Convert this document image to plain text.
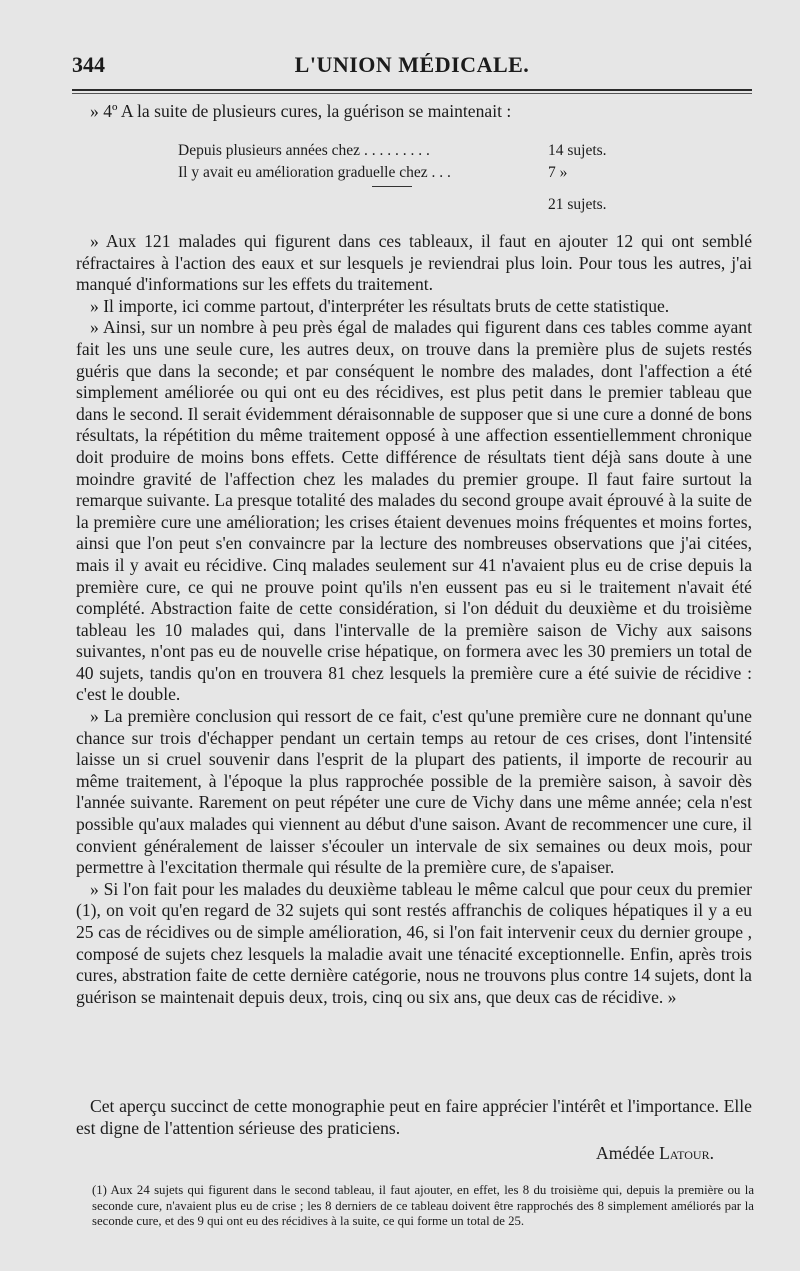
344	L'UNION MÉDICALE.

» 4º A la suite de plusieurs cures, la guérison se maintenait :

Depuis plusieurs années chez . . . . . . . . .	14 sujets.
Il y avait eu amélioration graduelle chez . . .	7 »
21 sujets.

» Aux 121 malades qui figurent dans ces tableaux, il faut en ajouter 12 qui ont semblé réfractaires à l'action des eaux et sur lesquels je reviendrai plus loin. Pour tous les autres, j'ai manqué d'informations sur les effets du traitement.

» Il importe, ici comme partout, d'interpréter les résultats bruts de cette statistique.

» Ainsi, sur un nombre à peu près égal de malades qui figurent dans ces tables comme ayant fait les uns une seule cure, les autres deux, on trouve dans la première plus de sujets restés guéris que dans la seconde; et par conséquent le nombre des malades, dont l'affection a été simplement améliorée ou qui ont eu des récidives, est plus petit dans le premier tableau que dans le second. Il serait évidemment déraisonnable de supposer que si une cure a donné de bons résultats, la répétition du même traitement opposé à une affection essentiellemment chronique doit produire de moins bons effets. Cette différence de résultats tient déjà sans doute à une moindre gravité de l'affection chez les malades du premier groupe. Il faut faire surtout la remarque suivante. La presque totalité des malades du second groupe avait éprouvé à la suite de la première cure une amélioration; les crises étaient devenues moins fréquentes et moins fortes, ainsi que l'on peut s'en convaincre par la lecture des nombreuses observations que j'ai citées, mais il y avait eu récidive. Cinq malades seulement sur 41 n'avaient plus eu de crise depuis la première cure, ce qui ne prouve point qu'ils n'en eussent pas eu si le traitement n'avait été complété. Abstraction faite de cette considération, si l'on déduit du deuxième et du troisième tableau les 10 malades qui, dans l'intervalle de la première saison de Vichy aux saisons suivantes, n'ont pas eu de nouvelle crise hépatique, on formera avec les 30 premiers un total de 40 sujets, tandis qu'on en trouvera 81 chez lesquels la première cure a été suivie de récidive : c'est le double.

» La première conclusion qui ressort de ce fait, c'est qu'une première cure ne donnant qu'une chance sur trois d'échapper pendant un certain temps au retour de ces crises, dont l'intensité laisse un si cruel souvenir dans l'esprit de la plupart des patients, il importe de recourir au même traitement, à l'époque la plus rapprochée possible de la première saison, à savoir dès l'année suivante. Rarement on peut répéter une cure de Vichy dans une même année; cela n'est possible qu'aux malades qui viennent au début d'une saison. Avant de recommencer une cure, il convient généralement de laisser s'écouler un intervale de six semaines ou deux mois, pour permettre à l'excitation thermale qui résulte de la première cure, de s'apaiser.

» Si l'on fait pour les malades du deuxième tableau le même calcul que pour ceux du premier (1), on voit qu'en regard de 32 sujets qui sont restés affranchis de coliques hépatiques il y a eu 25 cas de récidives ou de simple amélioration, 46, si l'on fait intervenir ceux du dernier groupe , composé de sujets chez lesquels la maladie avait une ténacité exceptionnelle. Enfin, après trois cures, abstration faite de cette dernière catégorie, nous ne trouvons plus contre 14 sujets, dont la guérison se maintenait depuis deux, trois, cinq ou six ans, que deux cas de récidive. »

Cet aperçu succinct de cette monographie peut en faire apprécier l'intérêt et l'importance. Elle est digne de l'attention sérieuse des praticiens.

Amédée Latour.

(1) Aux 24 sujets qui figurent dans le second tableau, il faut ajouter, en effet, les 8 du troisième qui, depuis la première ou la seconde cure, n'avaient plus eu de crise ; les 8 derniers de ce tableau doivent être rapprochés des 8 simplement améliorés par la seconde cure, et des 9 qui ont eu des récidives à la suite, ce qui forme un total de 25.
